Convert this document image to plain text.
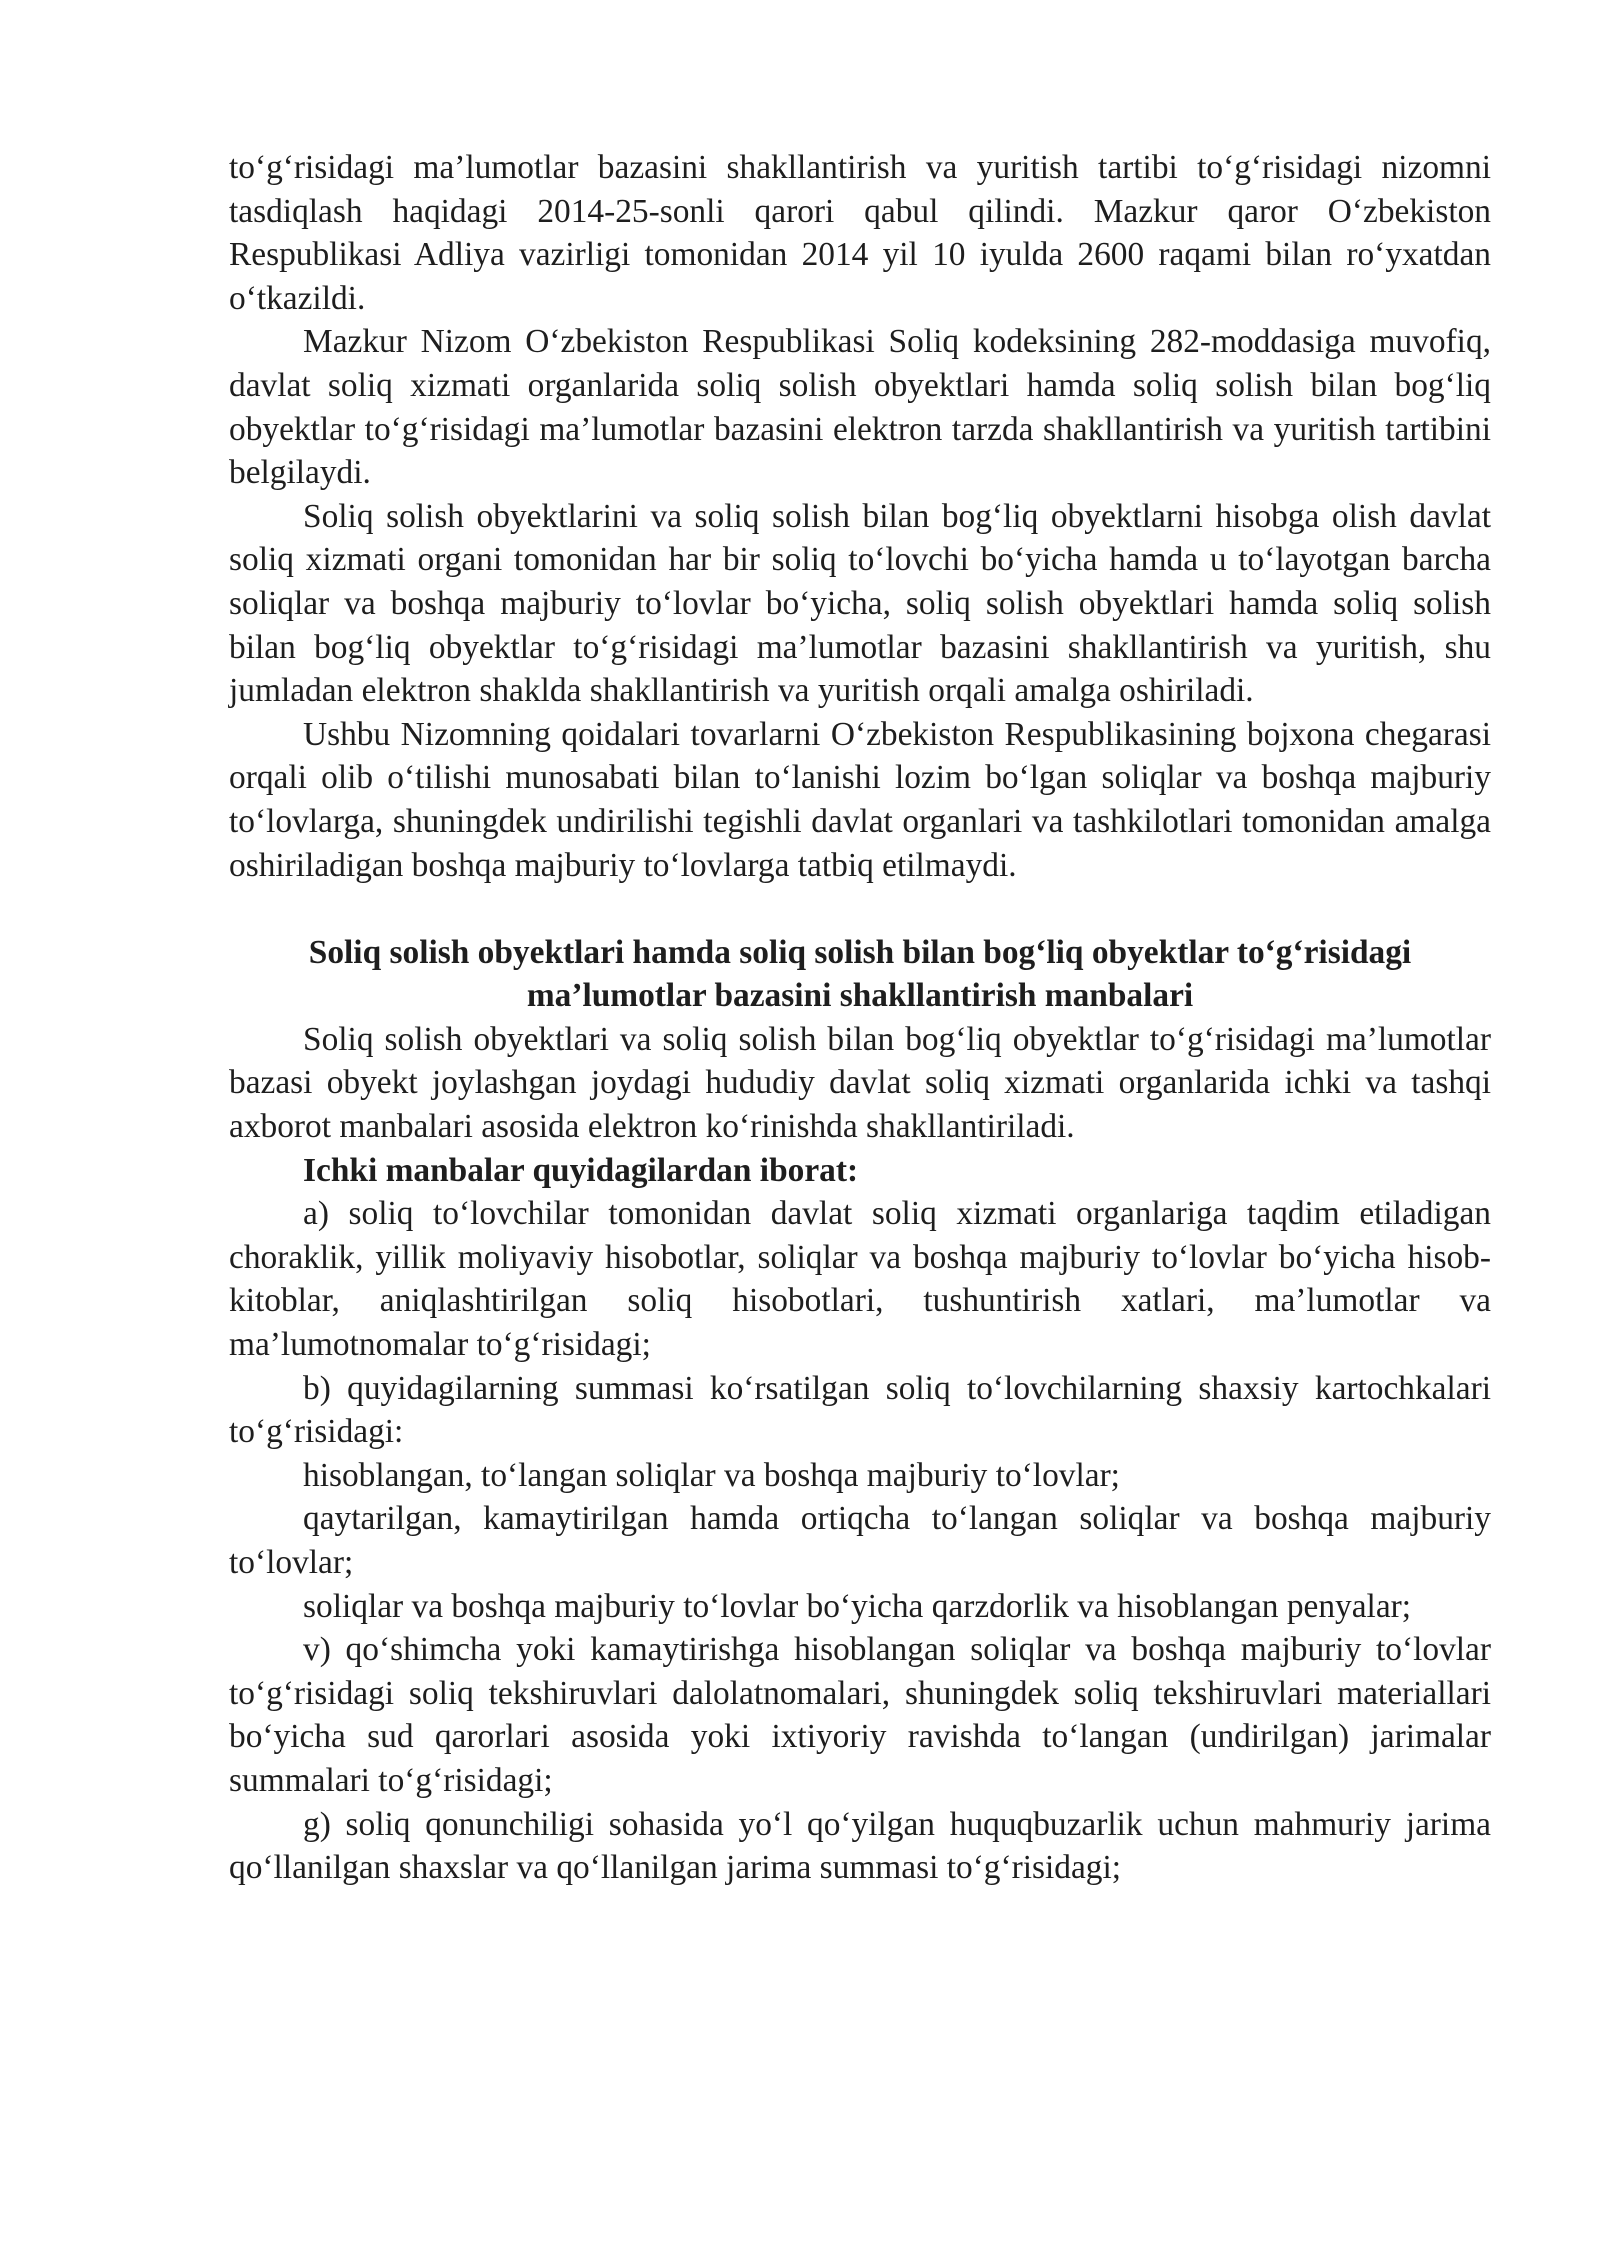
to‘g‘risidagi ma’lumotlar bazasini shakllantirish va yuritish tartibi to‘g‘risidagi nizomni tasdiqlash haqidagi 2014-25-sonli qarori qabul qilindi. Mazkur qaror O‘zbekiston Respublikasi Adliya vazirligi tomonidan 2014 yil 10 iyulda 2600 raqami bilan ro‘yxatdan o‘tkazildi.

Mazkur Nizom O‘zbekiston Respublikasi Soliq kodeksining 282-moddasiga muvofiq, davlat soliq xizmati organlarida soliq solish obyektlari hamda soliq solish bilan bog‘liq obyektlar to‘g‘risidagi ma’lumotlar bazasini elektron tarzda shakllantirish va yuritish tartibini belgilaydi.

Soliq solish obyektlarini va soliq solish bilan bog‘liq obyektlarni hisobga olish davlat soliq xizmati organi tomonidan har bir soliq to‘lovchi bo‘yicha hamda u to‘layotgan barcha soliqlar va boshqa majburiy to‘lovlar bo‘yicha, soliq solish obyektlari hamda soliq solish bilan bog‘liq obyektlar to‘g‘risidagi ma’lumotlar bazasini shakllantirish va yuritish, shu jumladan elektron shaklda shakllantirish va yuritish orqali amalga oshiriladi.

Ushbu Nizomning qoidalari tovarlarni O‘zbekiston Respublikasining bojxona chegarasi orqali olib o‘tilishi munosabati bilan to‘lanishi lozim bo‘lgan soliqlar va boshqa majburiy to‘lovlarga, shuningdek undirilishi tegishli davlat organlari va tashkilotlari tomonidan amalga oshiriladigan boshqa majburiy to‘lovlarga tatbiq etilmaydi.

Soliq solish obyektlari hamda soliq solish bilan bog‘liq obyektlar to‘g‘risidagi
ma’lumotlar bazasini shakllantirish manbalari

Soliq solish obyektlari va soliq solish bilan bog‘liq obyektlar to‘g‘risidagi ma’lumotlar bazasi obyekt joylashgan joydagi hududiy davlat soliq xizmati organlarida ichki va tashqi axborot manbalari asosida elektron ko‘rinishda shakllantiriladi.

Ichki manbalar quyidagilardan iborat:

a) soliq to‘lovchilar tomonidan davlat soliq xizmati organlariga taqdim etiladigan choraklik, yillik moliyaviy hisobotlar, soliqlar va boshqa majburiy to‘lovlar bo‘yicha hisob-kitoblar, aniqlashtirilgan soliq hisobotlari, tushuntirish xatlari, ma’lumotlar va ma’lumotnomalar to‘g‘risidagi;

b) quyidagilarning summasi ko‘rsatilgan soliq to‘lovchilarning shaxsiy kartochkalari to‘g‘risidagi:

hisoblangan, to‘langan soliqlar va boshqa majburiy to‘lovlar;

qaytarilgan, kamaytirilgan hamda ortiqcha to‘langan soliqlar va boshqa majburiy to‘lovlar;

soliqlar va boshqa majburiy to‘lovlar bo‘yicha qarzdorlik va hisoblangan penyalar;

v) qo‘shimcha yoki kamaytirishga hisoblangan soliqlar va boshqa majburiy to‘lovlar to‘g‘risidagi soliq tekshiruvlari dalolatnomalari, shuningdek soliq tekshiruvlari materiallari bo‘yicha sud qarorlari asosida yoki ixtiyoriy ravishda to‘langan (undirilgan) jarimalar summalari to‘g‘risidagi;

g) soliq qonunchiligi sohasida yo‘l qo‘yilgan huquqbuzarlik uchun mahmuriy jarima qo‘llanilgan shaxslar va qo‘llanilgan jarima summasi to‘g‘risidagi;
